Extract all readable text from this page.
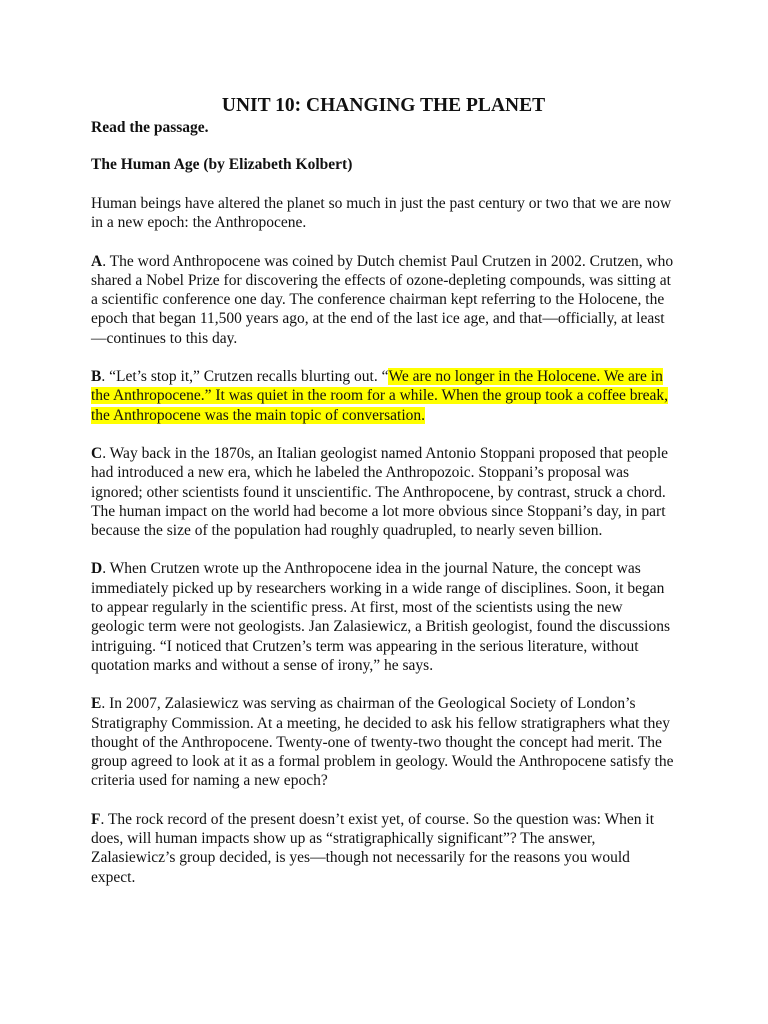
UNIT 10: CHANGING THE PLANET

Read the passage.

The Human Age (by Elizabeth Kolbert)

Human beings have altered the planet so much in just the past century or two that we are now in a new epoch: the Anthropocene.

A. The word Anthropocene was coined by Dutch chemist Paul Crutzen in 2002. Crutzen, who shared a Nobel Prize for discovering the effects of ozone-depleting compounds, was sitting at a scientific conference one day. The conference chairman kept referring to the Holocene, the epoch that began 11,500 years ago, at the end of the last ice age, and that—officially, at least—continues to this day.

B. “Let’s stop it,” Crutzen recalls blurting out. “We are no longer in the Holocene. We are in the Anthropocene.” It was quiet in the room for a while. When the group took a coffee break, the Anthropocene was the main topic of conversation.

C. Way back in the 1870s, an Italian geologist named Antonio Stoppani proposed that people had introduced a new era, which he labeled the Anthropozoic. Stoppani’s proposal was ignored; other scientists found it unscientific. The Anthropocene, by contrast, struck a chord. The human impact on the world had become a lot more obvious since Stoppani’s day, in part because the size of the population had roughly quadrupled, to nearly seven billion.

D. When Crutzen wrote up the Anthropocene idea in the journal Nature, the concept was immediately picked up by researchers working in a wide range of disciplines. Soon, it began to appear regularly in the scientific press. At first, most of the scientists using the new geologic term were not geologists. Jan Zalasiewicz, a British geologist, found the discussions intriguing. “I noticed that Crutzen’s term was appearing in the serious literature, without quotation marks and without a sense of irony,” he says.

E. In 2007, Zalasiewicz was serving as chairman of the Geological Society of London’s Stratigraphy Commission. At a meeting, he decided to ask his fellow stratigraphers what they thought of the Anthropocene. Twenty-one of twenty-two thought the concept had merit. The group agreed to look at it as a formal problem in geology. Would the Anthropocene satisfy the criteria used for naming a new epoch?

F. The rock record of the present doesn’t exist yet, of course. So the question was: When it does, will human impacts show up as “stratigraphically significant”? The answer, Zalasiewicz’s group decided, is yes—though not necessarily for the reasons you would expect.
